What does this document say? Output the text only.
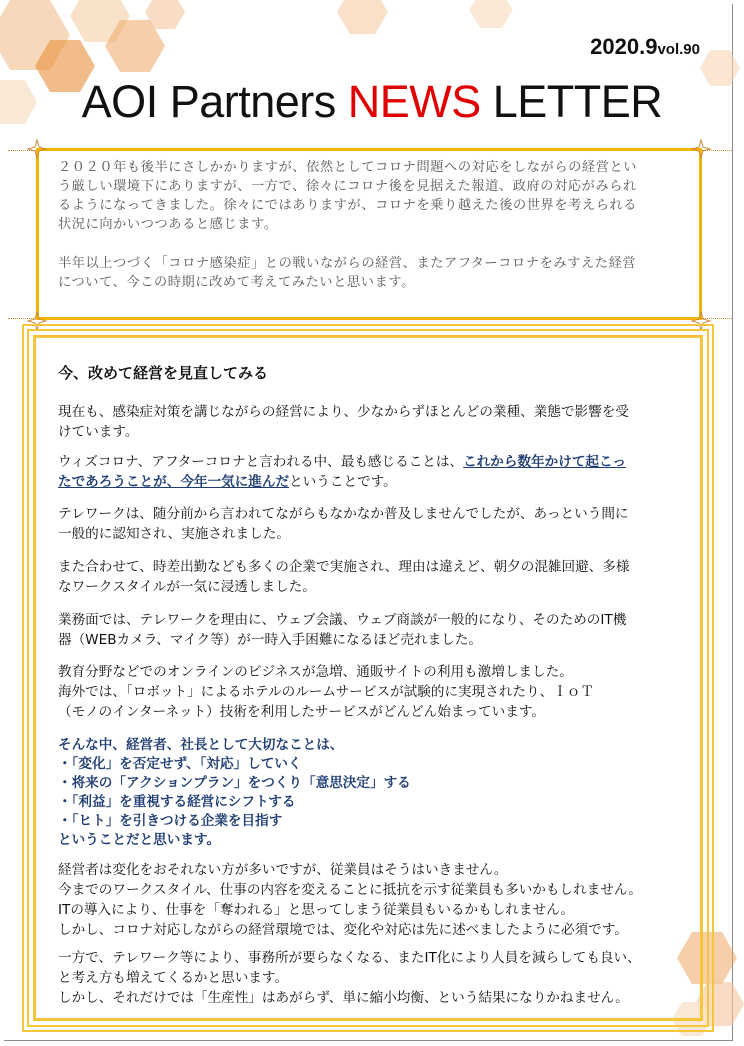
2020.9vol.90
AOI Partners NEWS LETTER
２０２０年も後半にさしかかりますが、依然としてコロナ問題への対応をしながらの経営とい
う厳しい環境下にありますが、一方で、徐々にコロナ後を見据えた報道、政府の対応がみられ
るようになってきました。徐々にではありますが、コロナを乗り越えた後の世界を考えられる
状況に向かいつつあると感じます。
半年以上つづく「コロナ感染症」との戦いながらの経営、またアフターコロナをみすえた経営
について、今この時期に改めて考えてみたいと思います。
今、改めて経営を見直してみる
現在も、感染症対策を講じながらの経営により、少なからずほとんどの業種、業態で影響を受
けています。
ウィズコロナ、アフターコロナと言われる中、最も感じることは、これから数年かけて起こっ
たであろうことが、今年一気に進んだということです。
テレワークは、随分前から言われてながらもなかなか普及しませんでしたが、あっという間に
一般的に認知され、実施されました。
また合わせて、時差出勤なども多くの企業で実施され、理由は違えど、朝夕の混雑回避、多様
なワークスタイルが一気に浸透しました。
業務面では、テレワークを理由に、ウェブ会議、ウェブ商談が一般的になり、そのためのIT機
器（WEBカメラ、マイク等）が一時入手困難になるほど売れました。
教育分野などでのオンラインのビジネスが急増、通販サイトの利用も激増しました。
海外では、「ロボット」によるホテルのルームサービスが試験的に実現されたり、ＩｏＴ
（モノのインターネット）技術を利用したサービスがどんどん始まっています。
そんな中、経営者、社長として大切なことは、
・「変化」を否定せず、「対応」していく
・将来の「アクションプラン」をつくり「意思決定」する
・「利益」を重視する経営にシフトする
・「ヒト」を引きつける企業を目指す
ということだと思います。
経営者は変化をおそれない方が多いですが、従業員はそうはいきません。
今までのワークスタイル、仕事の内容を変えることに抵抗を示す従業員も多いかもしれません。
ITの導入により、仕事を「奪われる」と思ってしまう従業員もいるかもしれません。
しかし、コロナ対応しながらの経営環境では、変化や対応は先に述べましたように必須です。
一方で、テレワーク等により、事務所が要らなくなる、またIT化により人員を減らしても良い、
と考え方も増えてくるかと思います。
しかし、それだけでは「生産性」はあがらず、単に縮小均衡、という結果になりかねません。
